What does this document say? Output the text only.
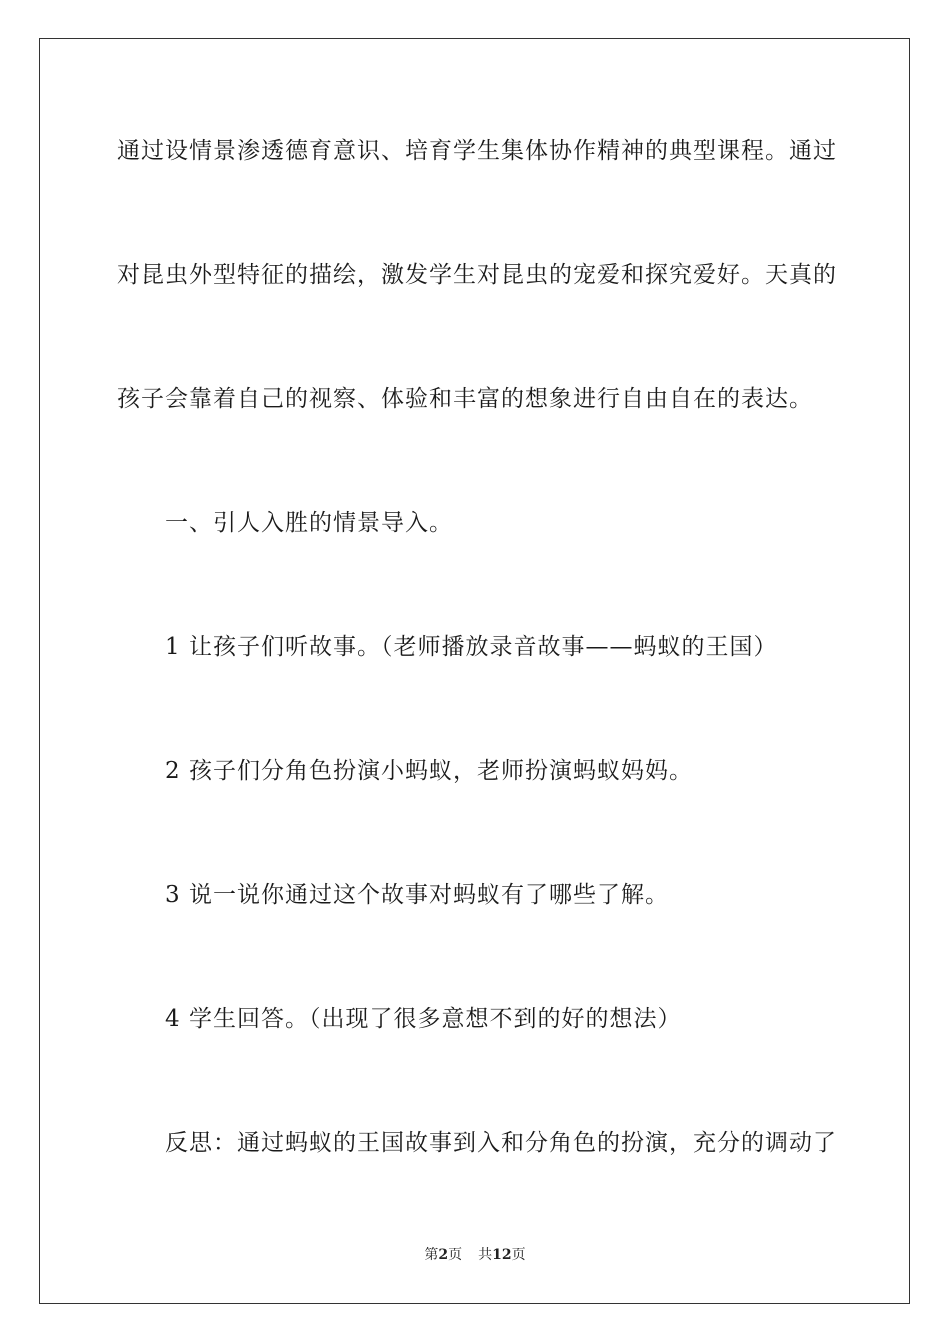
通过设情景渗透德育意识、培育学生集体协作精神的典型课程。通过
对昆虫外型特征的描绘，激发学生对昆虫的宠爱和探究爱好。天真的
孩子会靠着自己的视察、体验和丰富的想象进行自由自在的表达。
一、引人入胜的情景导入。
1 让孩子们听故事。（老师播放录音故事——蚂蚁的王国）
2 孩子们分角色扮演小蚂蚁，老师扮演蚂蚁妈妈。
3 说一说你通过这个故事对蚂蚁有了哪些了解。
4 学生回答。（出现了很多意想不到的好的想法）
反思：通过蚂蚁的王国故事到入和分角色的扮演，充分的调动了
第2页 共12页
